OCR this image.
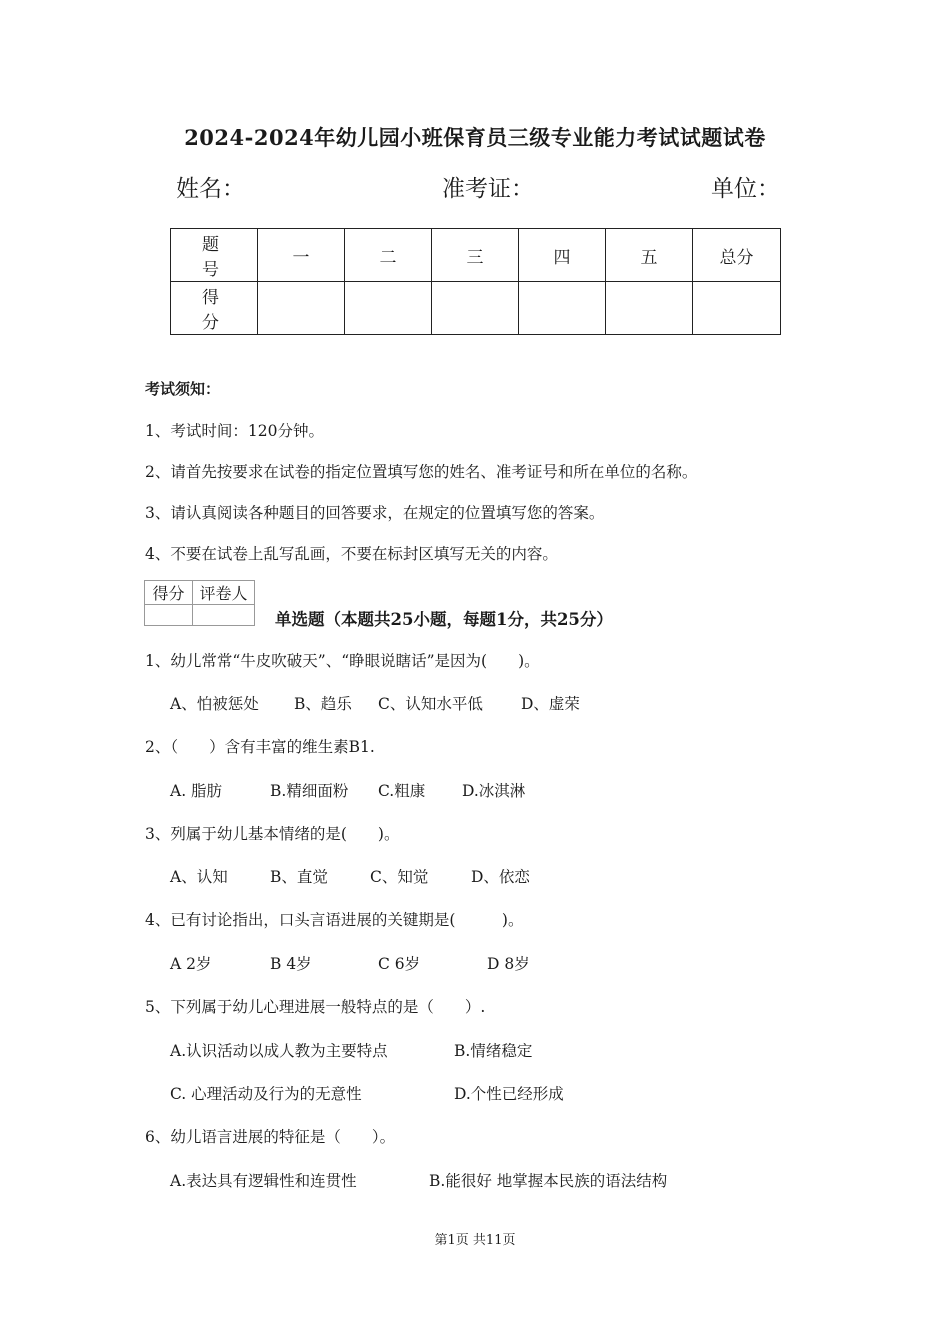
2024-2024年幼儿园小班保育员三级专业能力考试试题试卷
姓名：	准考证：	单位：
题　号	一	二	三	四	五	总分
得　分						
考试须知：
1、考试时间：120分钟。
2、请首先按要求在试卷的指定位置填写您的姓名、准考证号和所在单位的名称。
3、请认真阅读各种题目的回答要求，在规定的位置填写您的答案。
4、不要在试卷上乱写乱画，不要在标封区填写无关的内容。
得分	评卷人

单选题（本题共25小题，每题1分，共25分）
1、幼儿常常“牛皮吹破天”、“睁眼说瞎话”是因为(　　)。
A、怕被惩处 B、趋乐 C、认知水平低 D、虚荣
2、（　　）含有丰富的维生素B1.
A. 脂肪	B.精细面粉 C.粗康 D.冰淇淋
3、列属于幼儿基本情绪的是(　　)。
A、认知	B、直觉	C、知觉	D、依恋
4、已有讨论指出，口头言语进展的关键期是(　　　)。
A 2岁	B 4岁	C 6岁	D 8岁
5、下列属于幼儿心理进展一般特点的是（　　）.
A.认识活动以成人教为主要特点	B.情绪稳定
C. 心理活动及行为的无意性	D.个性已经形成
6、幼儿语言进展的特征是（　　）。
A.表达具有逻辑性和连贯性	B.能很好 地掌握本民族的语法结构
第1页 共11页
